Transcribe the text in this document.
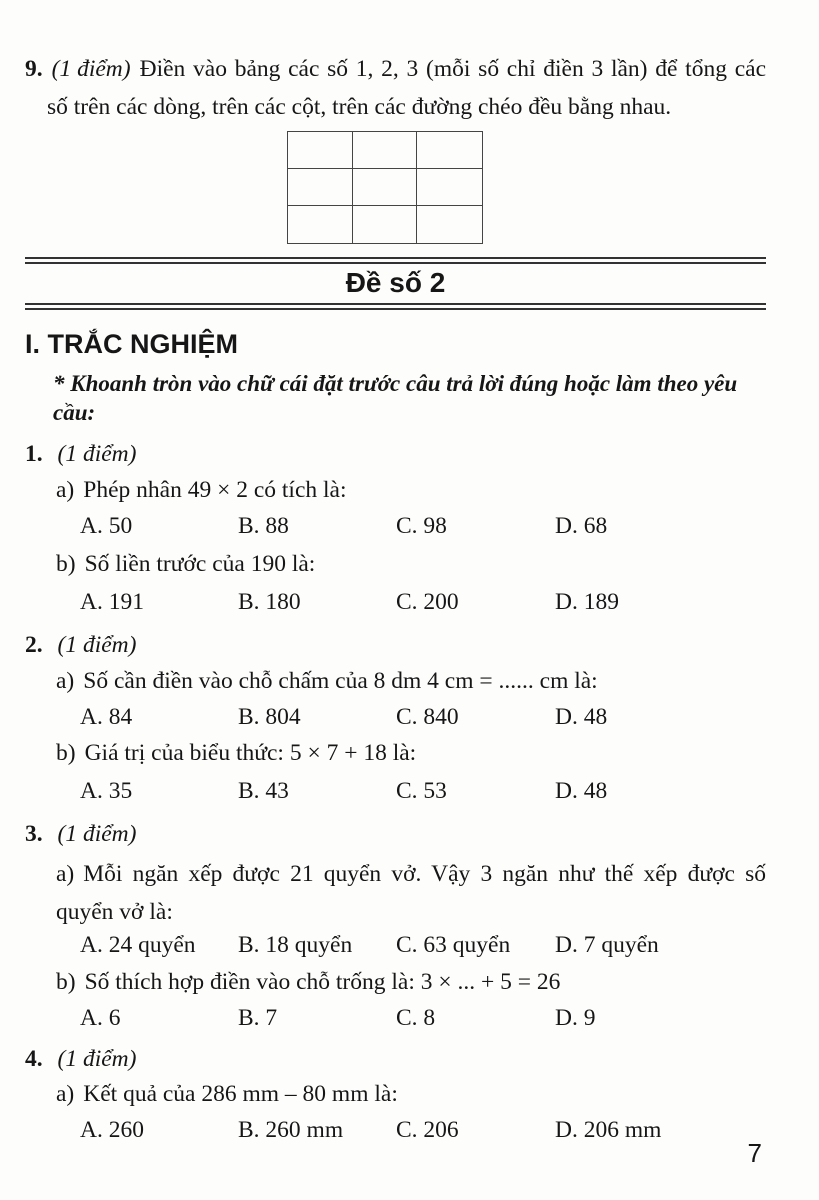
9. (1 điểm) Điền vào bảng các số 1, 2, 3 (mỗi số chỉ điền 3 lần) để tổng các
số trên các dòng, trên các cột, trên các đường chéo đều bằng nhau.
Đề số 2
I. TRẮC NGHIỆM
* Khoanh tròn vào chữ cái đặt trước câu trả lời đúng hoặc làm theo yêu cầu:
1. (1 điểm)
a) Phép nhân 49 × 2 có tích là:
A. 50	B. 88	C. 98	D. 68
b) Số liền trước của 190 là:
A. 191	B. 180	C. 200	D. 189
2. (1 điểm)
a) Số cần điền vào chỗ chấm của 8 dm 4 cm = ...... cm là:
A. 84	B. 804	C. 840	D. 48
b) Giá trị của biểu thức: 5 × 7 + 18 là:
A. 35	B. 43	C. 53	D. 48
3. (1 điểm)
a) Mỗi ngăn xếp được 21 quyển vở. Vậy 3 ngăn như thế xếp được số
quyển vở là:
A. 24 quyển	B. 18 quyển	C. 63 quyển	D. 7 quyển
b) Số thích hợp điền vào chỗ trống là: 3 × ... + 5 = 26
A. 6	B. 7	C. 8	D. 9
4. (1 điểm)
a) Kết quả của 286 mm – 80 mm là:
A. 260	B. 260 mm	C. 206	D. 206 mm
7
